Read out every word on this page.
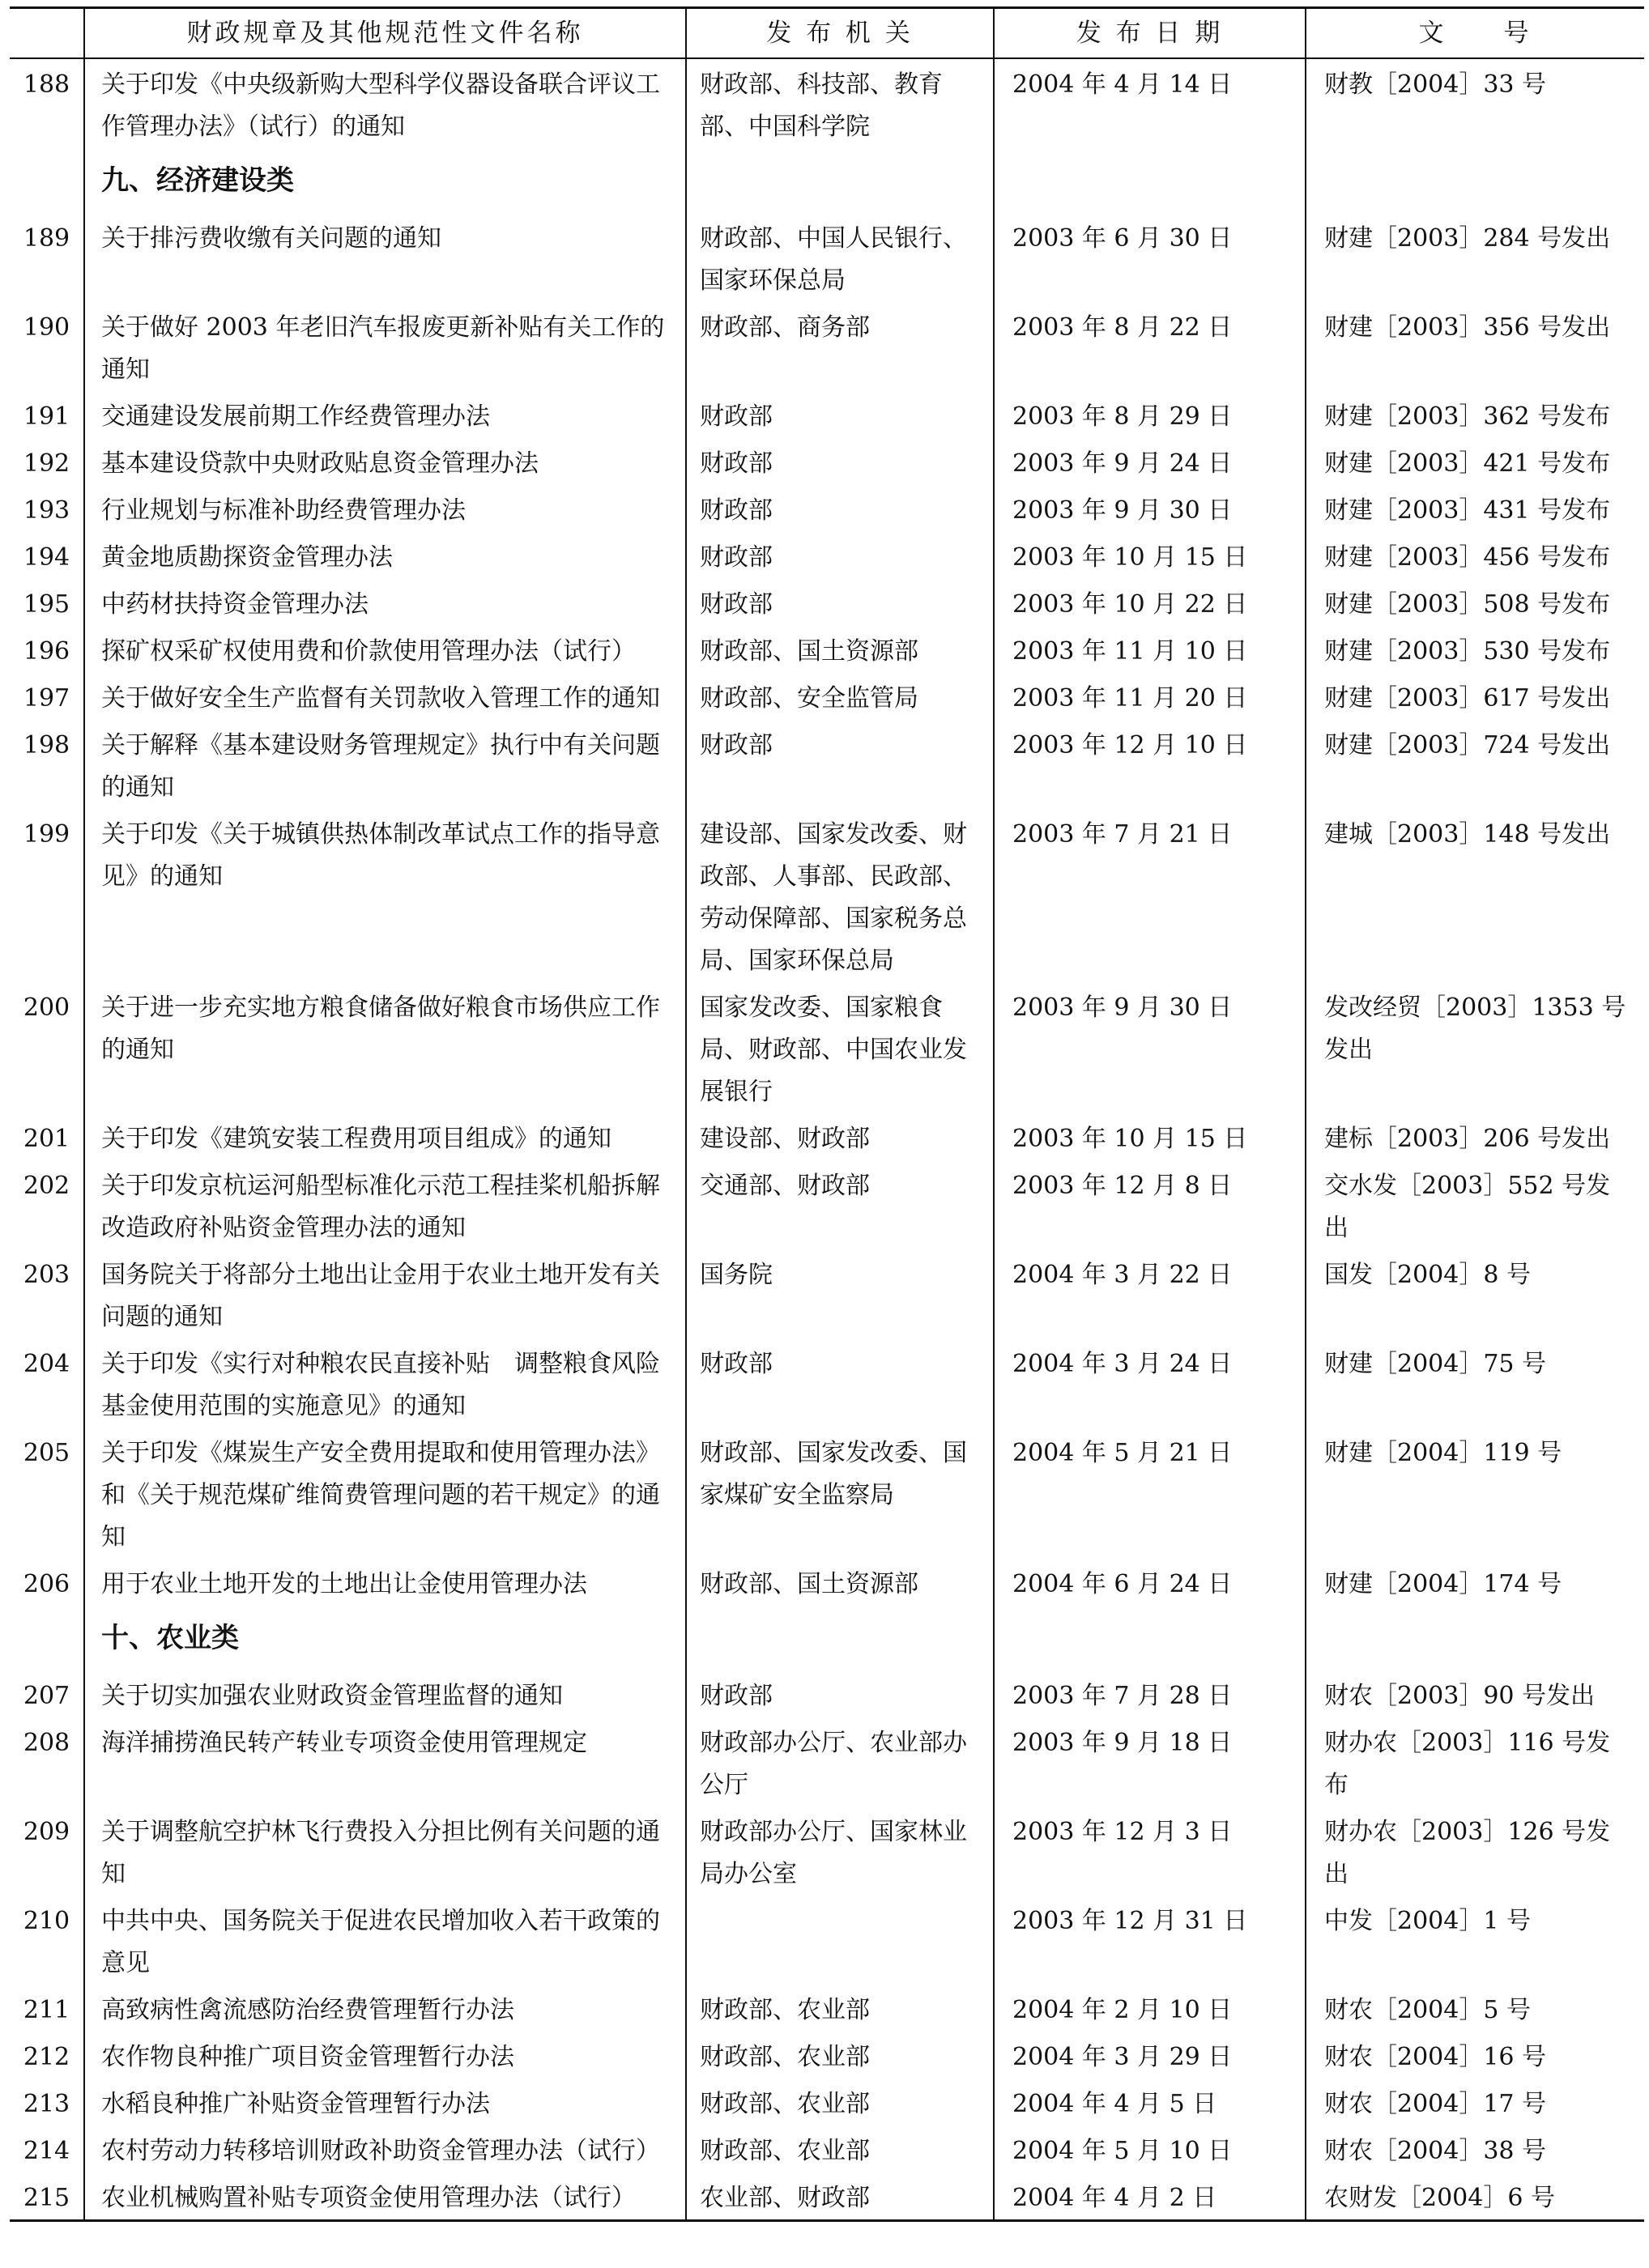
	财政规章及其他规范性文件名称	发 布 机 关	发 布 日 期	文　　号
188	关于印发《中央级新购大型科学仪器设备联合评议工作管理办法》（试行）的通知	财政部、科技部、教育部、中国科学院	2004 年 4 月 14 日	财教［2004］33 号
	九、经济建设类			
189	关于排污费收缴有关问题的通知	财政部、中国人民银行、国家环保总局	2003 年 6 月 30 日	财建［2003］284 号发出
190	关于做好 2003 年老旧汽车报废更新补贴有关工作的通知	财政部、商务部	2003 年 8 月 22 日	财建［2003］356 号发出
191	交通建设发展前期工作经费管理办法	财政部	2003 年 8 月 29 日	财建［2003］362 号发布
192	基本建设贷款中央财政贴息资金管理办法	财政部	2003 年 9 月 24 日	财建［2003］421 号发布
193	行业规划与标准补助经费管理办法	财政部	2003 年 9 月 30 日	财建［2003］431 号发布
194	黄金地质勘探资金管理办法	财政部	2003 年 10 月 15 日	财建［2003］456 号发布
195	中药材扶持资金管理办法	财政部	2003 年 10 月 22 日	财建［2003］508 号发布
196	探矿权采矿权使用费和价款使用管理办法（试行）	财政部、国土资源部	2003 年 11 月 10 日	财建［2003］530 号发布
197	关于做好安全生产监督有关罚款收入管理工作的通知	财政部、安全监管局	2003 年 11 月 20 日	财建［2003］617 号发出
198	关于解释《基本建设财务管理规定》执行中有关问题的通知	财政部	2003 年 12 月 10 日	财建［2003］724 号发出
199	关于印发《关于城镇供热体制改革试点工作的指导意见》的通知	建设部、国家发改委、财政部、人事部、民政部、劳动保障部、国家税务总局、国家环保总局	2003 年 7 月 21 日	建城［2003］148 号发出
200	关于进一步充实地方粮食储备做好粮食市场供应工作的通知	国家发改委、国家粮食局、财政部、中国农业发展银行	2003 年 9 月 30 日	发改经贸［2003］1353 号发出
201	关于印发《建筑安装工程费用项目组成》的通知	建设部、财政部	2003 年 10 月 15 日	建标［2003］206 号发出
202	关于印发京杭运河船型标准化示范工程挂桨机船拆解改造政府补贴资金管理办法的通知	交通部、财政部	2003 年 12 月 8 日	交水发［2003］552 号发出
203	国务院关于将部分土地出让金用于农业土地开发有关问题的通知	国务院	2004 年 3 月 22 日	国发［2004］8 号
204	关于印发《实行对种粮农民直接补贴　调整粮食风险基金使用范围的实施意见》的通知	财政部	2004 年 3 月 24 日	财建［2004］75 号
205	关于印发《煤炭生产安全费用提取和使用管理办法》和《关于规范煤矿维简费管理问题的若干规定》的通知	财政部、国家发改委、国家煤矿安全监察局	2004 年 5 月 21 日	财建［2004］119 号
206	用于农业土地开发的土地出让金使用管理办法	财政部、国土资源部	2004 年 6 月 24 日	财建［2004］174 号
	十、农业类			
207	关于切实加强农业财政资金管理监督的通知	财政部	2003 年 7 月 28 日	财农［2003］90 号发出
208	海洋捕捞渔民转产转业专项资金使用管理规定	财政部办公厅、农业部办公厅	2003 年 9 月 18 日	财办农［2003］116 号发布
209	关于调整航空护林飞行费投入分担比例有关问题的通知	财政部办公厅、国家林业局办公室	2003 年 12 月 3 日	财办农［2003］126 号发出
210	中共中央、国务院关于促进农民增加收入若干政策的意见		2003 年 12 月 31 日	中发［2004］1 号
211	高致病性禽流感防治经费管理暂行办法	财政部、农业部	2004 年 2 月 10 日	财农［2004］5 号
212	农作物良种推广项目资金管理暂行办法	财政部、农业部	2004 年 3 月 29 日	财农［2004］16 号
213	水稻良种推广补贴资金管理暂行办法	财政部、农业部	2004 年 4 月 5 日	财农［2004］17 号
214	农村劳动力转移培训财政补助资金管理办法（试行）	财政部、农业部	2004 年 5 月 10 日	财农［2004］38 号
215	农业机械购置补贴专项资金使用管理办法（试行）	农业部、财政部	2004 年 4 月 2 日	农财发［2004］6 号
